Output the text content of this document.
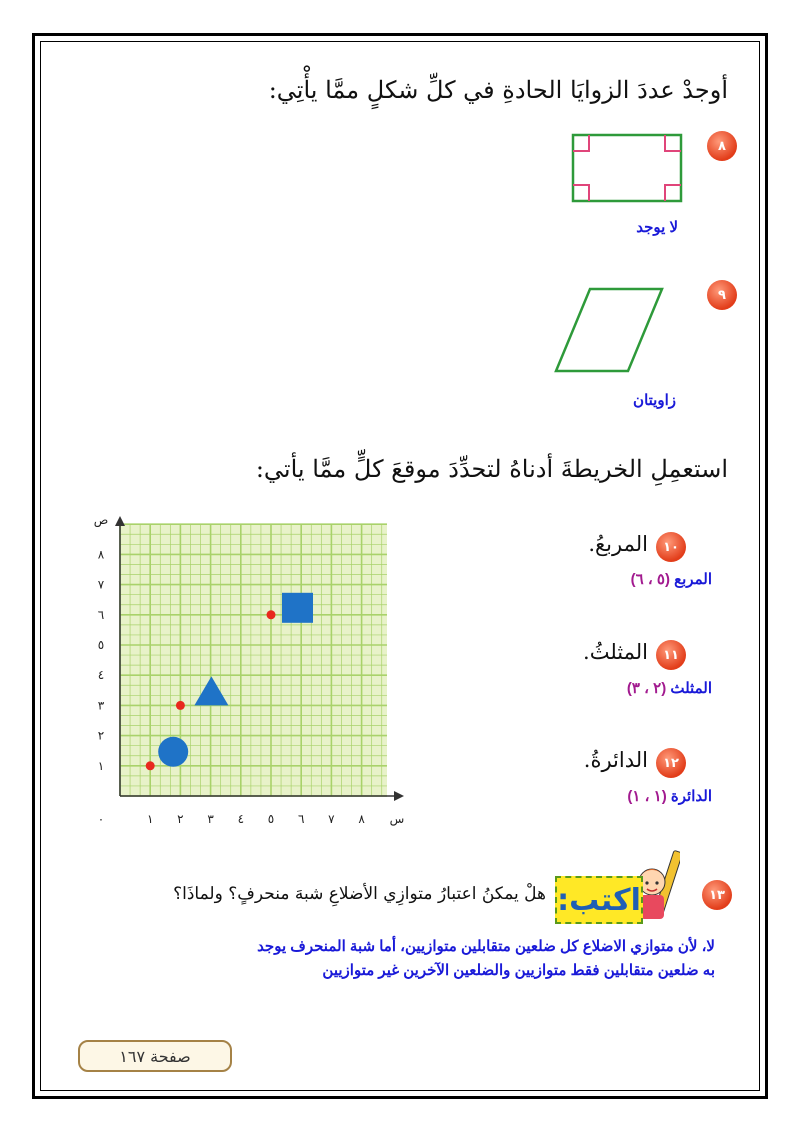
أوجدْ عددَ الزوايَا الحادةِ في كلِّ شكلٍ ممَّا يأْتِي:
٨
لا يوجد
٩
زاويتان
استعمِلِ الخريطةَ أدناهُ لتحدِّدَ موقعَ كلٍّ ممَّا يأتي:
١ ٢ ٣ ٤ ٥ ٦ ٧ ٨
١
٢
٣
٤
٥
٦
٧
٨
٠
ص
س
١٠
المربعُ.
المربع (٥ ، ٦)
١١
المثلثُ.
المثلث (٢ ، ٣)
١٢
الدائرةُ.
الدائرة (١ ، ١)
١٣
اكتب:
هلْ يمكنُ اعتبارُ متوازِي الأضلاعِ شبهَ منحرفٍ؟ ولماذَا؟
لا، لأن متوازي الاضلاع كل ضلعين متقابلين متوازيين، أما شبة المنحرف يوجد
به ضلعين متقابلين فقط متوازيين والضلعين الآخرين غير متوازيين
صفحة ١٦٧
